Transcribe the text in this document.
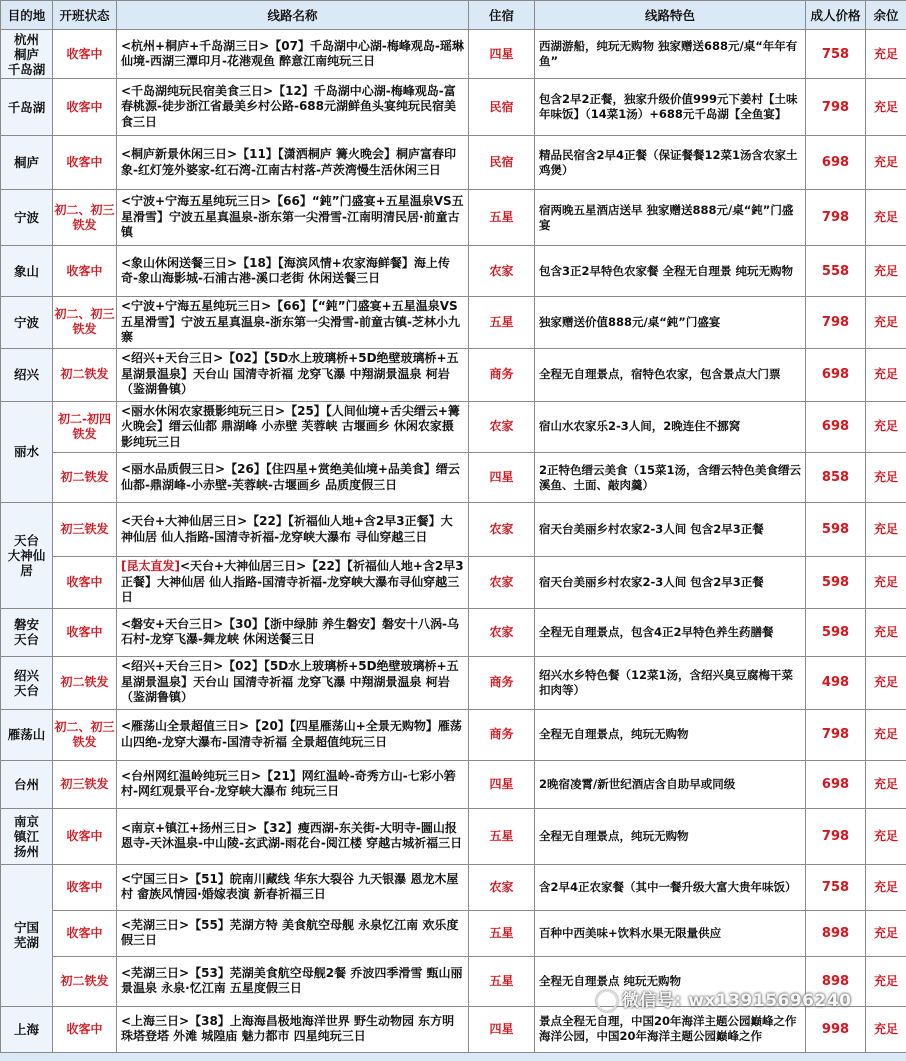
目的地	开班状态	线路名称	住宿	线路特色	成人价格	余位
杭州
桐庐
千岛湖	收客中	<杭州+桐庐+千岛湖三日>【07】千岛湖中心湖-梅峰观岛-瑶琳仙境-西湖三潭印月-花港观鱼 醉意江南纯玩三日	四星	西湖游船，纯玩无购物 独家赠送688元/桌“年年有鱼”	758	充足
千岛湖	收客中	<千岛湖纯玩民宿美食三日>【12】千岛湖中心湖-梅峰观岛-富春桃源-徒步浙江省最美乡村公路-688元湖鲜鱼头宴纯玩民宿美食三日	民宿	包含2早2正餐，独家升级价值999元下姜村【土味年味饭】（14菜1汤）+688元千岛湖【全鱼宴】	798	充足
桐庐	收客中	<桐庐新景休闲三日>【11】【潇洒桐庐 篝火晚会】桐庐富春印象-红灯笼外婆家-红石湾-江南古村落-芦茨湾慢生活休闲三日	民宿	精品民宿含2早4正餐（保证餐餐12菜1汤含农家土鸡煲）	698	充足
宁波	初二、初三铁发	<宁波+宁海五星纯玩三日>【66】“鈍”门盛宴+五星温泉VS五星滑雪】宁波五星真温泉-浙东第一尖滑雪-江南明清民居·前童古镇	五星	宿两晚五星酒店送早 独家赠送888元/桌“鈍”门盛宴	798	充足
象山	收客中	<象山休闲送餐三日>【18】【海滨风情+农家海鲜餐】海上传奇-象山海影城-石浦古港-溪口老街 休闲送餐三日	农家	包含3正2早特色农家餐 全程无自理景 纯玩无购物	558	充足
宁波	初二、初三铁发	<宁波+宁海五星纯玩三日>【66】【“鈍”门盛宴+五星温泉VS五星滑雪】宁波五星真温泉-浙东第一尖滑雪-前童古镇-芝林小九寨	五星	独家赠送价值888元/桌“鈍”门盛宴	798	充足
绍兴	初二铁发	<绍兴+天台三日>【02】【5D水上玻璃桥+5D绝壁玻璃桥+五星湖景温泉】天台山 国清寺祈福 龙穿飞瀑 中翔湖景温泉 柯岩（鉴湖鲁镇）	商务	全程无自理景点，宿特色农家，包含景点大门票	698	充足
丽水	初二-初四铁发	<丽水休闲农家摄影纯玩三日>【25】【人间仙境+舌尖缙云+篝火晚会】缙云仙都 鼎湖峰 小赤壁 芙蓉峡 古堰画乡 休闲农家摄影纯玩三日	农家	宿山水农家乐2-3人间，2晚连住不挪窝	698	充足
	初二铁发	<丽水品质假三日>【26】【住四星+赏绝美仙境+品美食】缙云仙都-鼎湖峰-小赤壁-芙蓉峡-古堰画乡 品质度假三日	四星	2正特色缙云美食（15菜1汤，含缙云特色美食缙云溪鱼、土面、敲肉羹）	858	充足
天台
大神仙
居	初三铁发	<天台+大神仙居三日>【22】【祈福仙人地+含2早3正餐】大神仙居 仙人指路-国清寺祈福-龙穿峡大瀑布 寻仙穿越三日	农家	宿天台美丽乡村农家2-3人间 包含2早3正餐	598	充足
	收客中	[昆太直发]<天台+大神仙居三日>【22】【祈福仙人地+含2早3正餐】大神仙居 仙人指路-国清寺祈福-龙穿峡大瀑布寻仙穿越三日	农家	宿天台美丽乡村农家2-3人间 包含2早3正餐	598	充足
磐安
天台	收客中	<磐安+天台三日>【30】【浙中绿肺 养生磐安】磐安十八涡-乌石村-龙穿飞瀑-舞龙峡 休闲送餐三日	农家	全程无自理景点，包含4正2早特色养生药膳餐	598	充足
绍兴
天台	初二铁发	<绍兴+天台三日>【02】【5D水上玻璃桥+5D绝壁玻璃桥+五星湖景温泉】天台山 国清寺祈福 龙穿飞瀑 中翔湖景温泉 柯岩（鉴湖鲁镇）	商务	绍兴水乡特色餐（12菜1汤，含绍兴臭豆腐梅干菜扣肉等）	498	充足
雁荡山	初二、初三铁发	<雁荡山全景超值三日>【20】【四星雁荡山+全景无购物】雁荡山四绝-龙穿大瀑布-国清寺祈福 全景超值纯玩三日	商务	全程无自理景点，纯玩无购物	798	充足
台州	初三铁发	<台州网红温岭纯玩三日>【21】网红温岭-奇秀方山-七彩小箬村-网红观景平台-龙穿峡大瀑布 纯玩三日	四星	2晚宿凌霄/新世纪酒店含自助早或同级	698	充足
南京
镇江
扬州	收客中	<南京+镇江+扬州三日>【32】瘦西湖-东关街-大明寺-圌山报恩寺-天沐温泉-中山陵-玄武湖-雨花台-阅江楼 穿越古城祈福三日	五星	全程无自理景点，纯玩无购物	798	充足
宁国
芜湖	收客中	<宁国三日>【51】皖南川藏线 华东大裂谷 九天银瀑 恩龙木屋村 畲族风情园·婚嫁表演 新春祈福三日	农家	含2早4正农家餐（其中一餐升级大富大贵年味饭）	758	充足
	收客中	<芜湖三日>【55】芜湖方特 美食航空母舰 永泉忆江南 欢乐度假三日	五星	百种中西美味+饮料水果无限量供应	898	充足
	初二铁发	<芜湖三日>【53】芜湖美食航空母舰2餐 乔波四季滑雪 甄山丽景温泉 永泉·忆江南 五星度假三日	五星	全程无自理景点 纯玩无购物	898	充足
上海	收客中	<上海三日>【38】上海海昌极地海洋世界 野生动物园 东方明珠塔登塔 外滩 城隍庙 魅力都市 四星纯玩三日	四星	景点全程无自理，中国20年海洋主题公园巅峰之作 海洋公园，中国20年海洋主题公园巅峰之作	998	充足
微信号: wx13915696240
